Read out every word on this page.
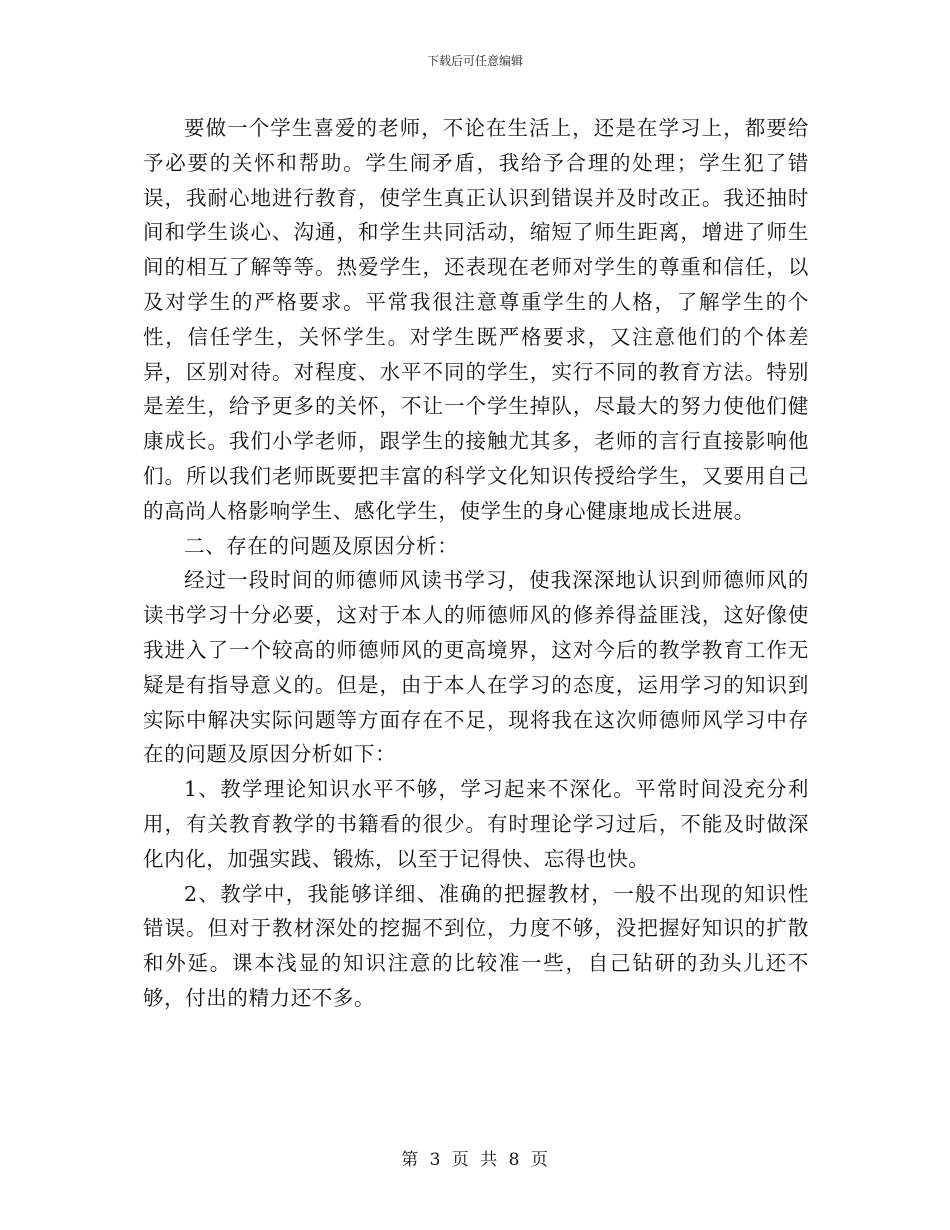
下载后可任意编辑

要做一个学生喜爱的老师，不论在生活上，还是在学习上，都要给予必要的关怀和帮助。学生闹矛盾，我给予合理的处理；学生犯了错误，我耐心地进行教育，使学生真正认识到错误并及时改正。我还抽时间和学生谈心、沟通，和学生共同活动，缩短了师生距离，增进了师生间的相互了解等等。热爱学生，还表现在老师对学生的尊重和信任，以及对学生的严格要求。平常我很注意尊重学生的人格，了解学生的个性，信任学生，关怀学生。对学生既严格要求，又注意他们的个体差异，区别对待。对程度、水平不同的学生，实行不同的教育方法。特别是差生，给予更多的关怀，不让一个学生掉队，尽最大的努力使他们健康成长。我们小学老师，跟学生的接触尤其多，老师的言行直接影响他们。所以我们老师既要把丰富的科学文化知识传授给学生，又要用自己的高尚人格影响学生、感化学生，使学生的身心健康地成长进展。

二、存在的问题及原因分析：

经过一段时间的师德师风读书学习，使我深深地认识到师德师风的读书学习十分必要，这对于本人的师德师风的修养得益匪浅，这好像使我进入了一个较高的师德师风的更高境界，这对今后的教学教育工作无疑是有指导意义的。但是，由于本人在学习的态度，运用学习的知识到实际中解决实际问题等方面存在不足，现将我在这次师德师风学习中存在的问题及原因分析如下：

1、教学理论知识水平不够，学习起来不深化。平常时间没充分利用，有关教育教学的书籍看的很少。有时理论学习过后，不能及时做深化内化，加强实践、锻炼，以至于记得快、忘得也快。

2、教学中，我能够详细、准确的把握教材，一般不出现的知识性错误。但对于教材深处的挖掘不到位，力度不够，没把握好知识的扩散和外延。课本浅显的知识注意的比较准一些，自己钻研的劲头儿还不够，付出的精力还不多。

第 3 页 共 8 页
